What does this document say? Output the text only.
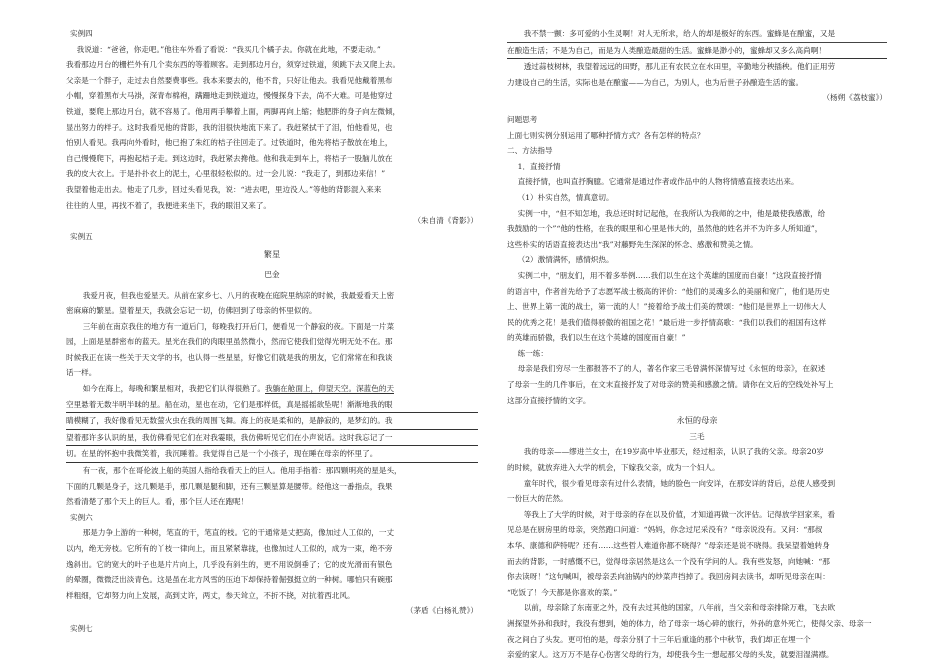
实例四

我说道：“爸爸，你走吧。”他往车外看了看说：“我买几个橘子去。你就在此地，不要走动。”

我看那边月台的栅栏外有几个卖东西的等着顾客。走到那边月台，须穿过铁道，须跳下去又爬上去。

父亲是一个胖子，走过去自然要费事些。我本来要去的，他不肯，只好让他去。我看见他戴着黑布

小帽，穿着黑布大马褂，深青布棉袍，蹒跚地走到铁道边，慢慢探身下去，尚不大难。可是他穿过

铁道，要爬上那边月台，就不容易了。他用两手攀着上面，两脚再向上缩；他肥胖的身子向左微倾，

显出努力的样子。这时我看见他的背影，我的泪很快地流下来了。我赶紧拭干了泪，怕他看见，也

怕别人看见。我再向外看时，他已抱了朱红的桔子往回走了。过铁道时，他先将桔子散放在地上，

自己慢慢爬下，再抱起桔子走。到这边时，我赶紧去搀他。他和我走到车上，将桔子一股脑儿放在

我的皮大衣上。于是扑扑衣上的泥土，心里很轻松似的。过一会儿说：“我走了，到那边来信！”

我望着他走出去。他走了几步，回过头看见我，说：“进去吧，里边没人。”等他的背影混入来来

往往的人里，再找不着了，我便进来坐下，我的眼泪又来了。

（朱自清《背影》）

实例五

繁星

巴金

我爱月夜，但我也爱星天。从前在家乡七、八月的夜晚在庭院里纳凉的时候，我最爱看天上密

密麻麻的繁星。望着星天，我就会忘记一切，仿佛回到了母亲的怀里似的。

三年前在南京我住的地方有一道后门，每晚我打开后门，便看见一个静寂的夜。下面是一片菜

园，上面是星群密布的蓝天。星光在我们的肉眼里虽然微小，然而它使我们觉得光明无处不在。那

时候我正在读一些关于天文学的书，也认得一些星星，好像它们就是我的朋友，它们常常在和我谈

话一样。

如今在海上，每晚和繁星相对，我把它们认得很熟了。我躺在舱面上，仰望天空。深蓝色的天

空里悬着无数半明半昧的星。船在动，星也在动，它们是那样低，真是摇摇欲坠呢！渐渐地我的眼

睛模糊了，我好像看见无数萤火虫在我的周围飞舞。海上的夜是柔和的，是静寂的，是梦幻的。我

望着那许多认识的星，我仿佛看见它们在对我霎眼，我仿佛听见它们在小声说话。这时我忘记了一

切。在星的怀抱中我微笑着，我沉睡着。我觉得自己是一个小孩子，现在睡在母亲的怀里了。

有一夜，那个在哥伦波上船的英国人指给我看天上的巨人。他用手指着：那四颗明亮的星是头，

下面的几颗是身子，这几颗是手，那几颗是腿和脚，还有三颗星算是腰带。经他这一番指点，我果

然看清楚了那个天上的巨人。看，那个巨人还在跑呢！

实例六

那是力争上游的一种树，笔直的干，笔直的枝。它的干通常是丈把高，像加过人工似的，一丈

以内，绝无旁枝。它所有的丫枝一律向上，而且紧紧靠拢，也像加过人工似的，成为一束，绝不旁

逸斜出。它的宽大的叶子也是片片向上，几乎没有斜生的，更不用说倒垂了；它的皮光滑而有银色

的晕圈，微微泛出淡青色。这是虽在北方风雪的压迫下却保持着倔强挺立的一种树。哪怕只有碗那

样粗细，它却努力向上发展，高到丈许，两丈，参天耸立，不折不挠，对抗着西北风。

（茅盾《白杨礼赞》）

实例七

我不禁一颤：多可爱的小生灵啊！对人无所求，给人的却是极好的东西。蜜蜂是在酿蜜，又是

在酿造生活；不是为自己，而是为人类酿造最甜的生活。蜜蜂是渺小的，蜜蜂却又多么高尚啊！

透过蒜枝树林，我望着远远的田野，那儿正有农民立在水田里，辛勤地分秧插秧。他们正用劳

力建设自己的生活，实际也是在酿蜜——为自己，为别人，也为后世子孙酿造生活的蜜。

（杨朔《荔枝蜜》）

问题思考

上面七则实例分别运用了哪种抒情方式？各有怎样的特点？

二、方法指导

1．直接抒情

直接抒情，也叫直抒胸臆。它通常是通过作者或作品中的人物将情感直接表达出来。

（1）朴实自然，情真意切。

实例一中，“但不知怎地，我总还时时记起他，在我所认为我师的之中，他是最使我感激，给

我鼓励的一个”“他的性格，在我的眼里和心里是伟大的，虽然他的姓名并不为许多人所知道”，

这些朴实的话语直接表达出“我”对藤野先生深深的怀念、感激和赞美之情。

（2）激情满怀，感情炽热。

实例二中，“朋友们，用不着多举例……我们以生在这个英雄的国度而自豪！”这段直接抒情

的语言中，作者首先给予了志愿军战士极高的评价：“他们的灵魂多么的美丽和宽广，他们是历史

上、世界上第一流的战士，第一流的人！”接着给予战士们美的赞颂：“他们是世界上一切伟大人

民的优秀之花！是我们值得骄傲的祖国之花！”最后进一步抒情高歌：“我们以我们的祖国有这样

的英雄而骄傲，我们以生在这个英雄的国度而自豪！”

练一练：

母亲是我们穷尽一生都报答不了的人，著名作家三毛曾满怀深情写过《永恒的母亲》，在叙述

了母亲一生的几件事后，在文末直接抒发了对母亲的赞美和感激之情。请你在文后的空线处补写上

这部分直接抒情的文字。

永恒的母亲

三毛

我的母亲——缪进兰女士，在19岁高中毕业那天，经过相亲，认识了我的父亲。母亲20岁

的时候，就放弃进入大学的机会，下嫁我父亲，成为一个妇人。

童年时代，很少看见母亲有过什么表情，她的脸色一向安详，在那安详的背后，总使人感受到

一份巨大的茫然。

等我上了大学的时候，对于母亲的存在以及价值，才知道再做一次评估。记得放学回家来，看

见总是在厨房里的母亲，突然跑口问道：“妈妈，你念过尼采没有？”母亲说没有。又问：“那叔

本华、康德和萨特呢？还有……这些哲人难道你都不晓得？”母亲还是说不晓得。我呆望着她转身

而去的背影，一时感慨不已，觉得母亲居然是这么一个没有学问的人。我有些发怒，向她喊：“那

你去读呀！”这句喊叫，被母亲丢向油锅内的炒菜声挡掉了。我回房间去读书，却听见母亲在叫：

“吃饭了！今天都是你喜欢的菜。”

以前，母亲除了东南亚之外，没有去过其他的国家，八年前，当父亲和母亲排除万难，飞去欧

洲探望外孙和我时，我没有想到，她的体力，给了母亲一场心碎的旅行，外孙的意外死亡，使得父亲、母亲一

夜之间白了头发。更可怕的是，母亲分别了十三年后重逢的那个中秋节，我们却正在埋一个

亲爱的家人。这万万不是存心伤害父母的行为，却使我今生一想起那父母的头发，就要泪湿满襟。
